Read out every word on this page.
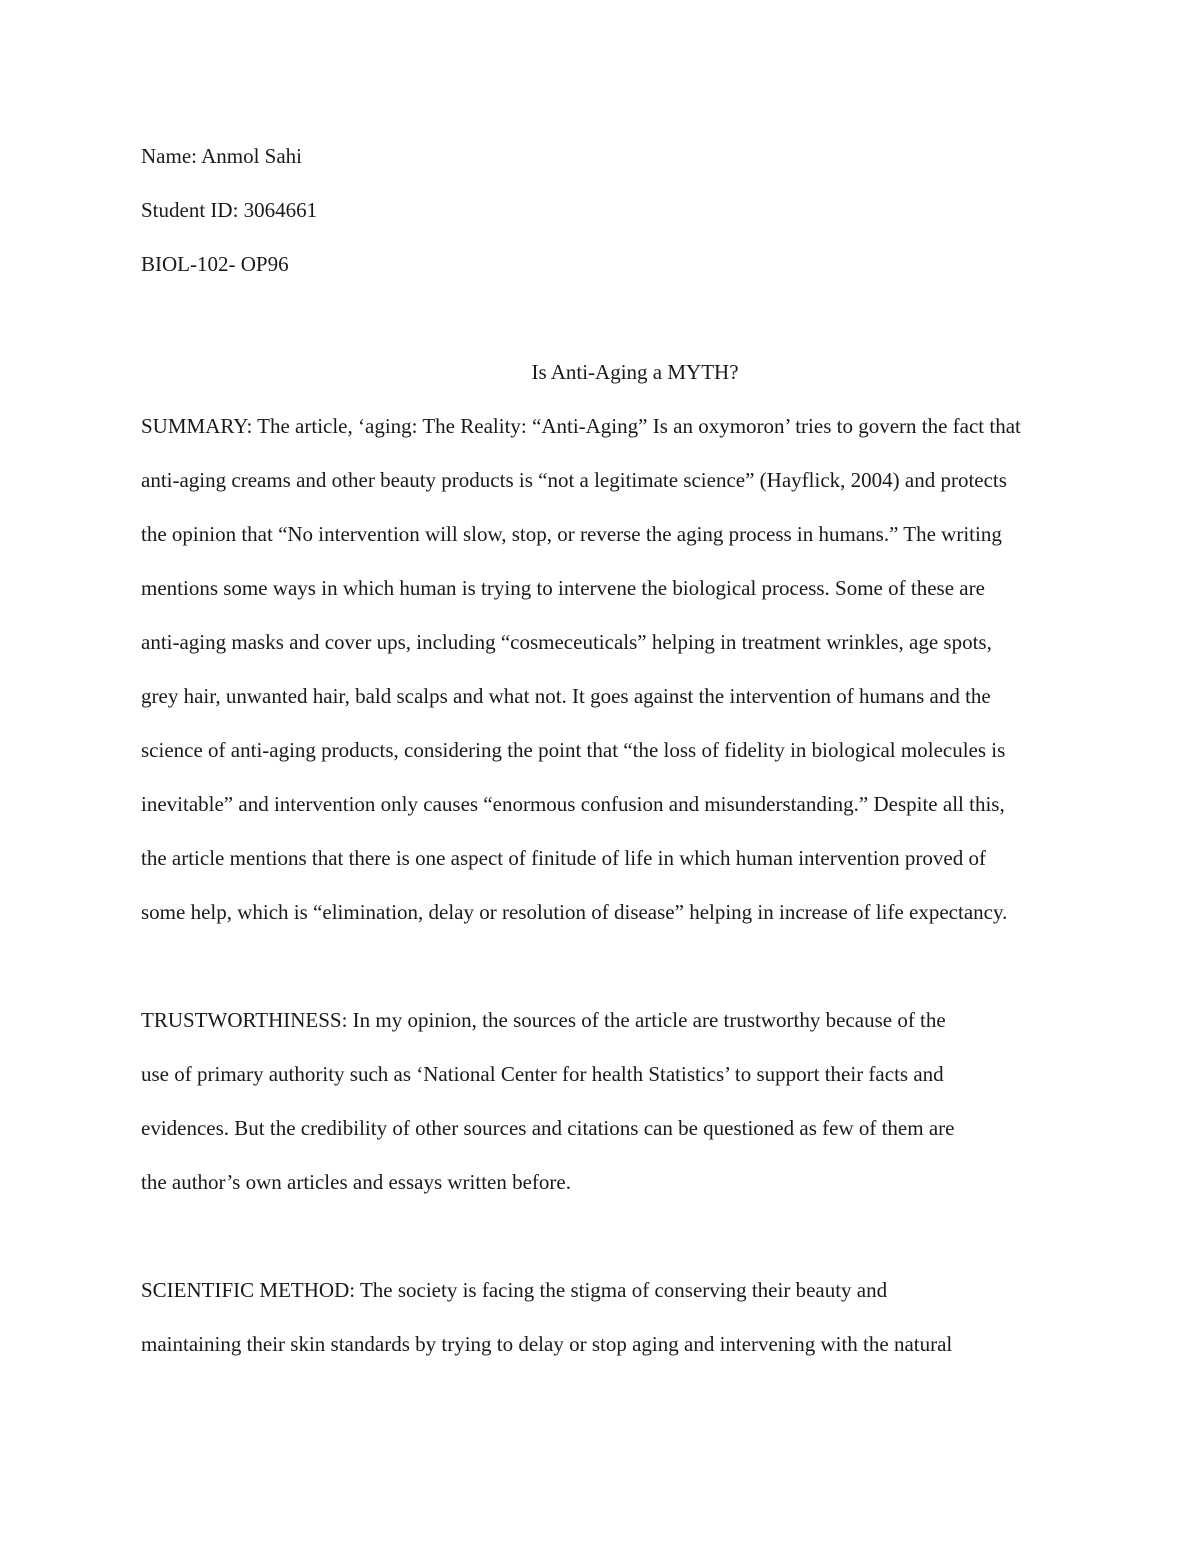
Name: Anmol Sahi

Student ID: 3064661

BIOL-102- OP96

Is Anti-Aging a MYTH?

SUMMARY: The article, ‘aging: The Reality: “Anti-Aging” Is an oxymoron’ tries to govern the fact that

anti-aging creams and other beauty products is “not a legitimate science” (Hayflick, 2004) and protects

the opinion that “No intervention will slow, stop, or reverse the aging process in humans.” The writing

mentions some ways in which human is trying to intervene the biological process. Some of these are

anti-aging masks and cover ups, including “cosmeceuticals” helping in treatment wrinkles, age spots,

grey hair, unwanted hair, bald scalps and what not. It goes against the intervention of humans and the

science of anti-aging products, considering the point that “the loss of fidelity in biological molecules is

inevitable” and intervention only causes “enormous confusion and misunderstanding.” Despite all this,

the article mentions that there is one aspect of finitude of life in which human intervention proved of

some help, which is “elimination, delay or resolution of disease” helping in increase of life expectancy.

TRUSTWORTHINESS: In my opinion, the sources of the article are trustworthy because of the

use of primary authority such as ‘National Center for health Statistics’ to support their facts and

evidences. But the credibility of other sources and citations can be questioned as few of them are

the author’s own articles and essays written before.

SCIENTIFIC METHOD: The society is facing the stigma of conserving their beauty and

maintaining their skin standards by trying to delay or stop aging and intervening with the natural
